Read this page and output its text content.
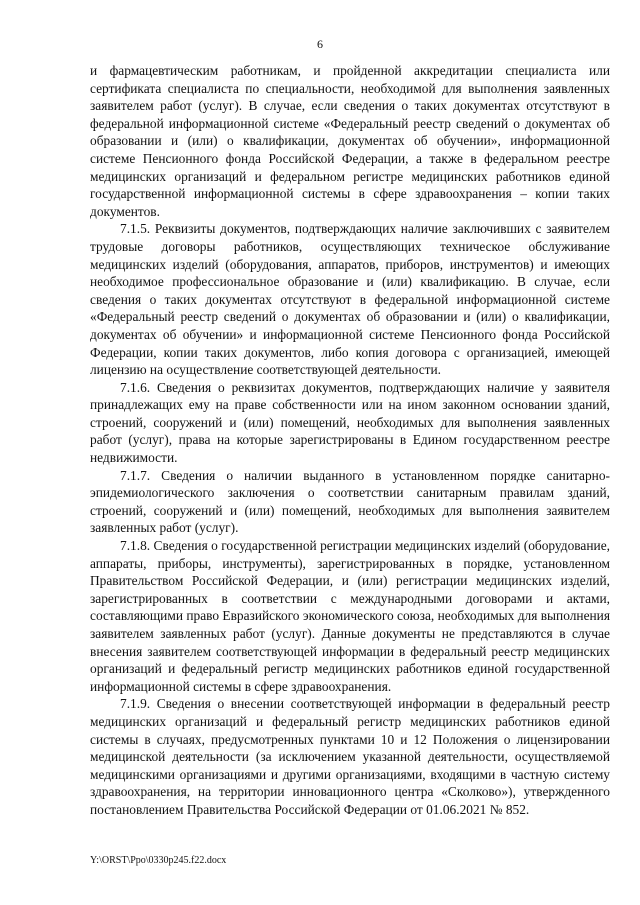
6

и фармацевтическим работникам, и пройденной аккредитации специалиста или сертификата специалиста по специальности, необходимой для выполнения заявленных заявителем работ (услуг). В случае, если сведения о таких документах отсутствуют в федеральной информационной системе «Федеральный реестр сведений о документах об образовании и (или) о квалификации, документах об обучении», информационной системе Пенсионного фонда Российской Федерации, а также в федеральном реестре медицинских организаций и федеральном регистре медицинских работников единой государственной информационной системы в сфере здравоохранения – копии таких документов.

7.1.5. Реквизиты документов, подтверждающих наличие заключивших с заявителем трудовые договоры работников, осуществляющих техническое обслуживание медицинских изделий (оборудования, аппаратов, приборов, инструментов) и имеющих необходимое профессиональное образование и (или) квалификацию. В случае, если сведения о таких документах отсутствуют в федеральной информационной системе «Федеральный реестр сведений о документах об образовании и (или) о квалификации, документах об обучении» и информационной системе Пенсионного фонда Российской Федерации, копии таких документов, либо копия договора с организацией, имеющей лицензию на осуществление соответствующей деятельности.

7.1.6. Сведения о реквизитах документов, подтверждающих наличие у заявителя принадлежащих ему на праве собственности или на ином законном основании зданий, строений, сооружений и (или) помещений, необходимых для выполнения заявленных работ (услуг), права на которые зарегистрированы в Едином государственном реестре недвижимости.

7.1.7. Сведения о наличии выданного в установленном порядке санитарно-эпидемиологического заключения о соответствии санитарным правилам зданий, строений, сооружений и (или) помещений, необходимых для выполнения заявителем заявленных работ (услуг).

7.1.8. Сведения о государственной регистрации медицинских изделий (оборудование, аппараты, приборы, инструменты), зарегистрированных в порядке, установленном Правительством Российской Федерации, и (или) регистрации медицинских изделий, зарегистрированных в соответствии с международными договорами и актами, составляющими право Евразийского экономического союза, необходимых для выполнения заявителем заявленных работ (услуг). Данные документы не представляются в случае внесения заявителем соответствующей информации в федеральный реестр медицинских организаций и федеральный регистр медицинских работников единой государственной информационной системы в сфере здравоохранения.

7.1.9. Сведения о внесении соответствующей информации в федеральный реестр медицинских организаций и федеральный регистр медицинских работников единой системы в случаях, предусмотренных пунктами 10 и 12 Положения о лицензировании медицинской деятельности (за исключением указанной деятельности, осуществляемой медицинскими организациями и другими организациями, входящими в частную систему здравоохранения, на территории инновационного центра «Сколково»), утвержденного постановлением Правительства Российской Федерации от 01.06.2021 № 852.

Y:\ORST\Ppo\0330p245.f22.docx
